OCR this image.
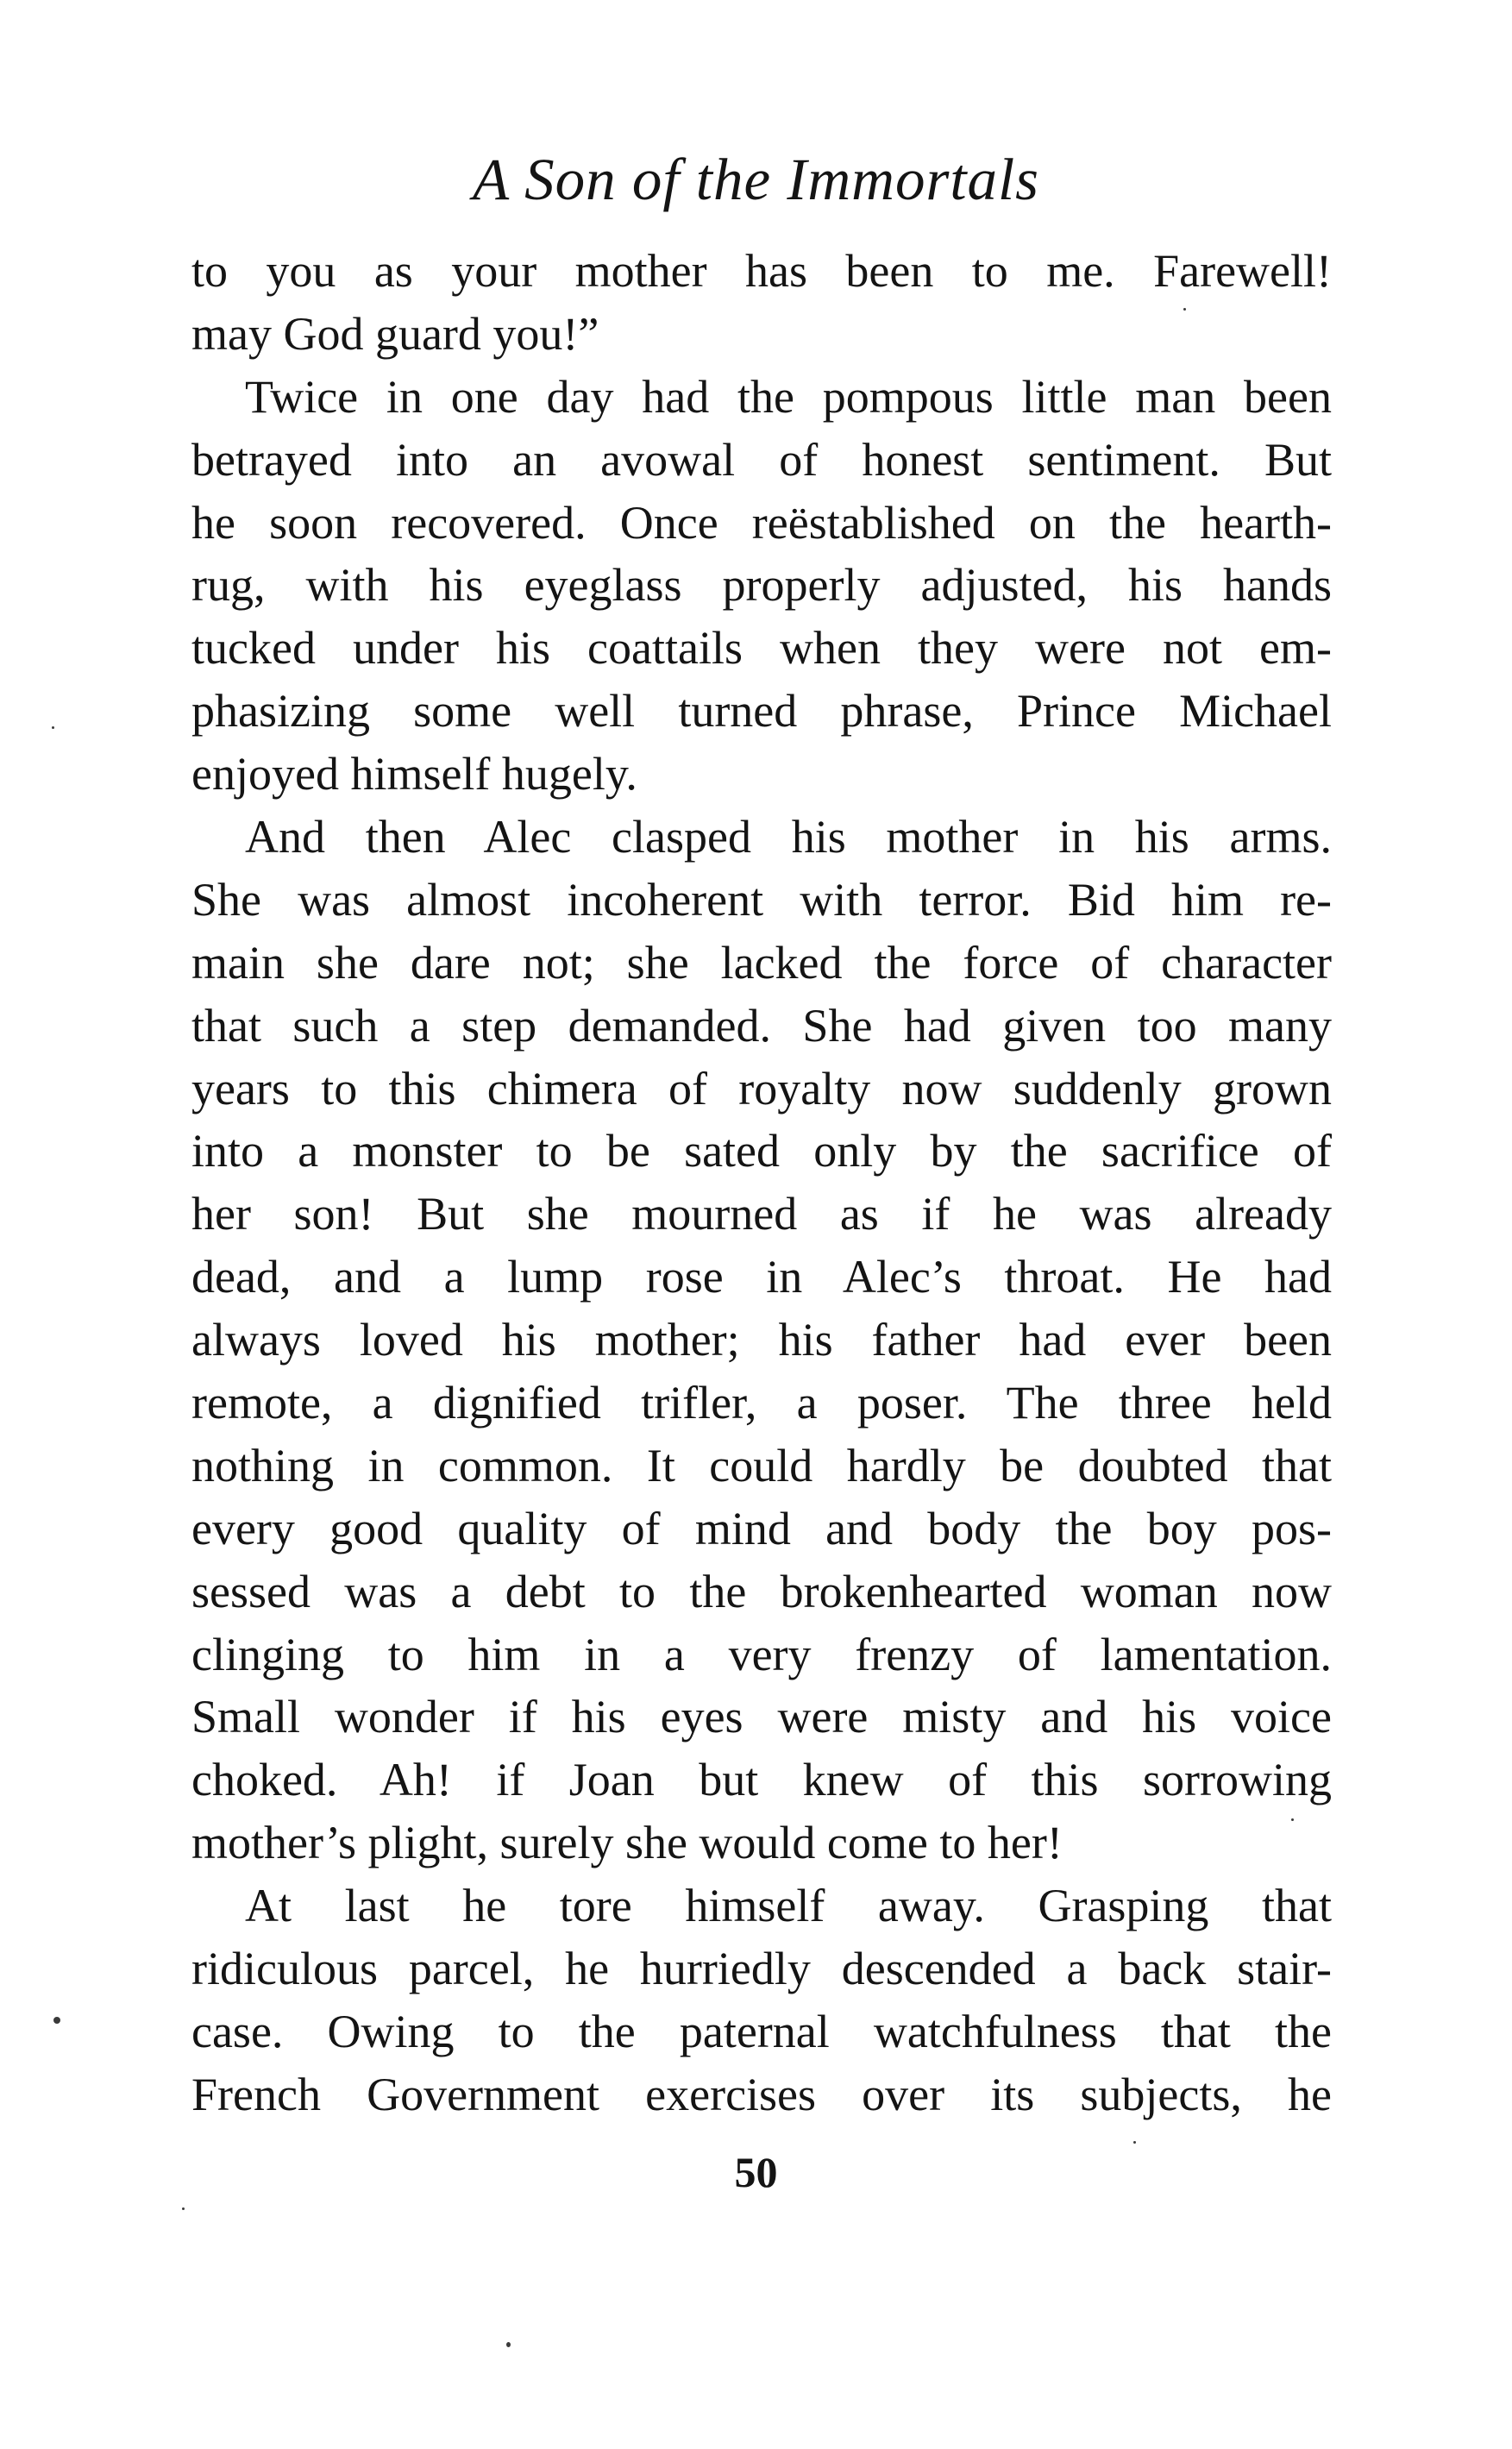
A Son of the Immortals
to you as your mother has been to me. Farewell!
may God guard you!”
Twice in one day had the pompous little man been
betrayed into an avowal of honest sentiment. But
he soon recovered. Once reëstablished on the hearth-
rug, with his eyeglass properly adjusted, his hands
tucked under his coattails when they were not em-
phasizing some well turned phrase, Prince Michael
enjoyed himself hugely.
And then Alec clasped his mother in his arms.
She was almost incoherent with terror. Bid him re-
main she dare not; she lacked the force of character
that such a step demanded. She had given too many
years to this chimera of royalty now suddenly grown
into a monster to be sated only by the sacrifice of
her son! But she mourned as if he was already
dead, and a lump rose in Alec’s throat. He had
always loved his mother; his father had ever been
remote, a dignified trifler, a poser. The three held
nothing in common. It could hardly be doubted that
every good quality of mind and body the boy pos-
sessed was a debt to the brokenhearted woman now
clinging to him in a very frenzy of lamentation.
Small wonder if his eyes were misty and his voice
choked. Ah! if Joan but knew of this sorrowing
mother’s plight, surely she would come to her!
At last he tore himself away. Grasping that
ridiculous parcel, he hurriedly descended a back stair-
case. Owing to the paternal watchfulness that the
French Government exercises over its subjects, he
50
